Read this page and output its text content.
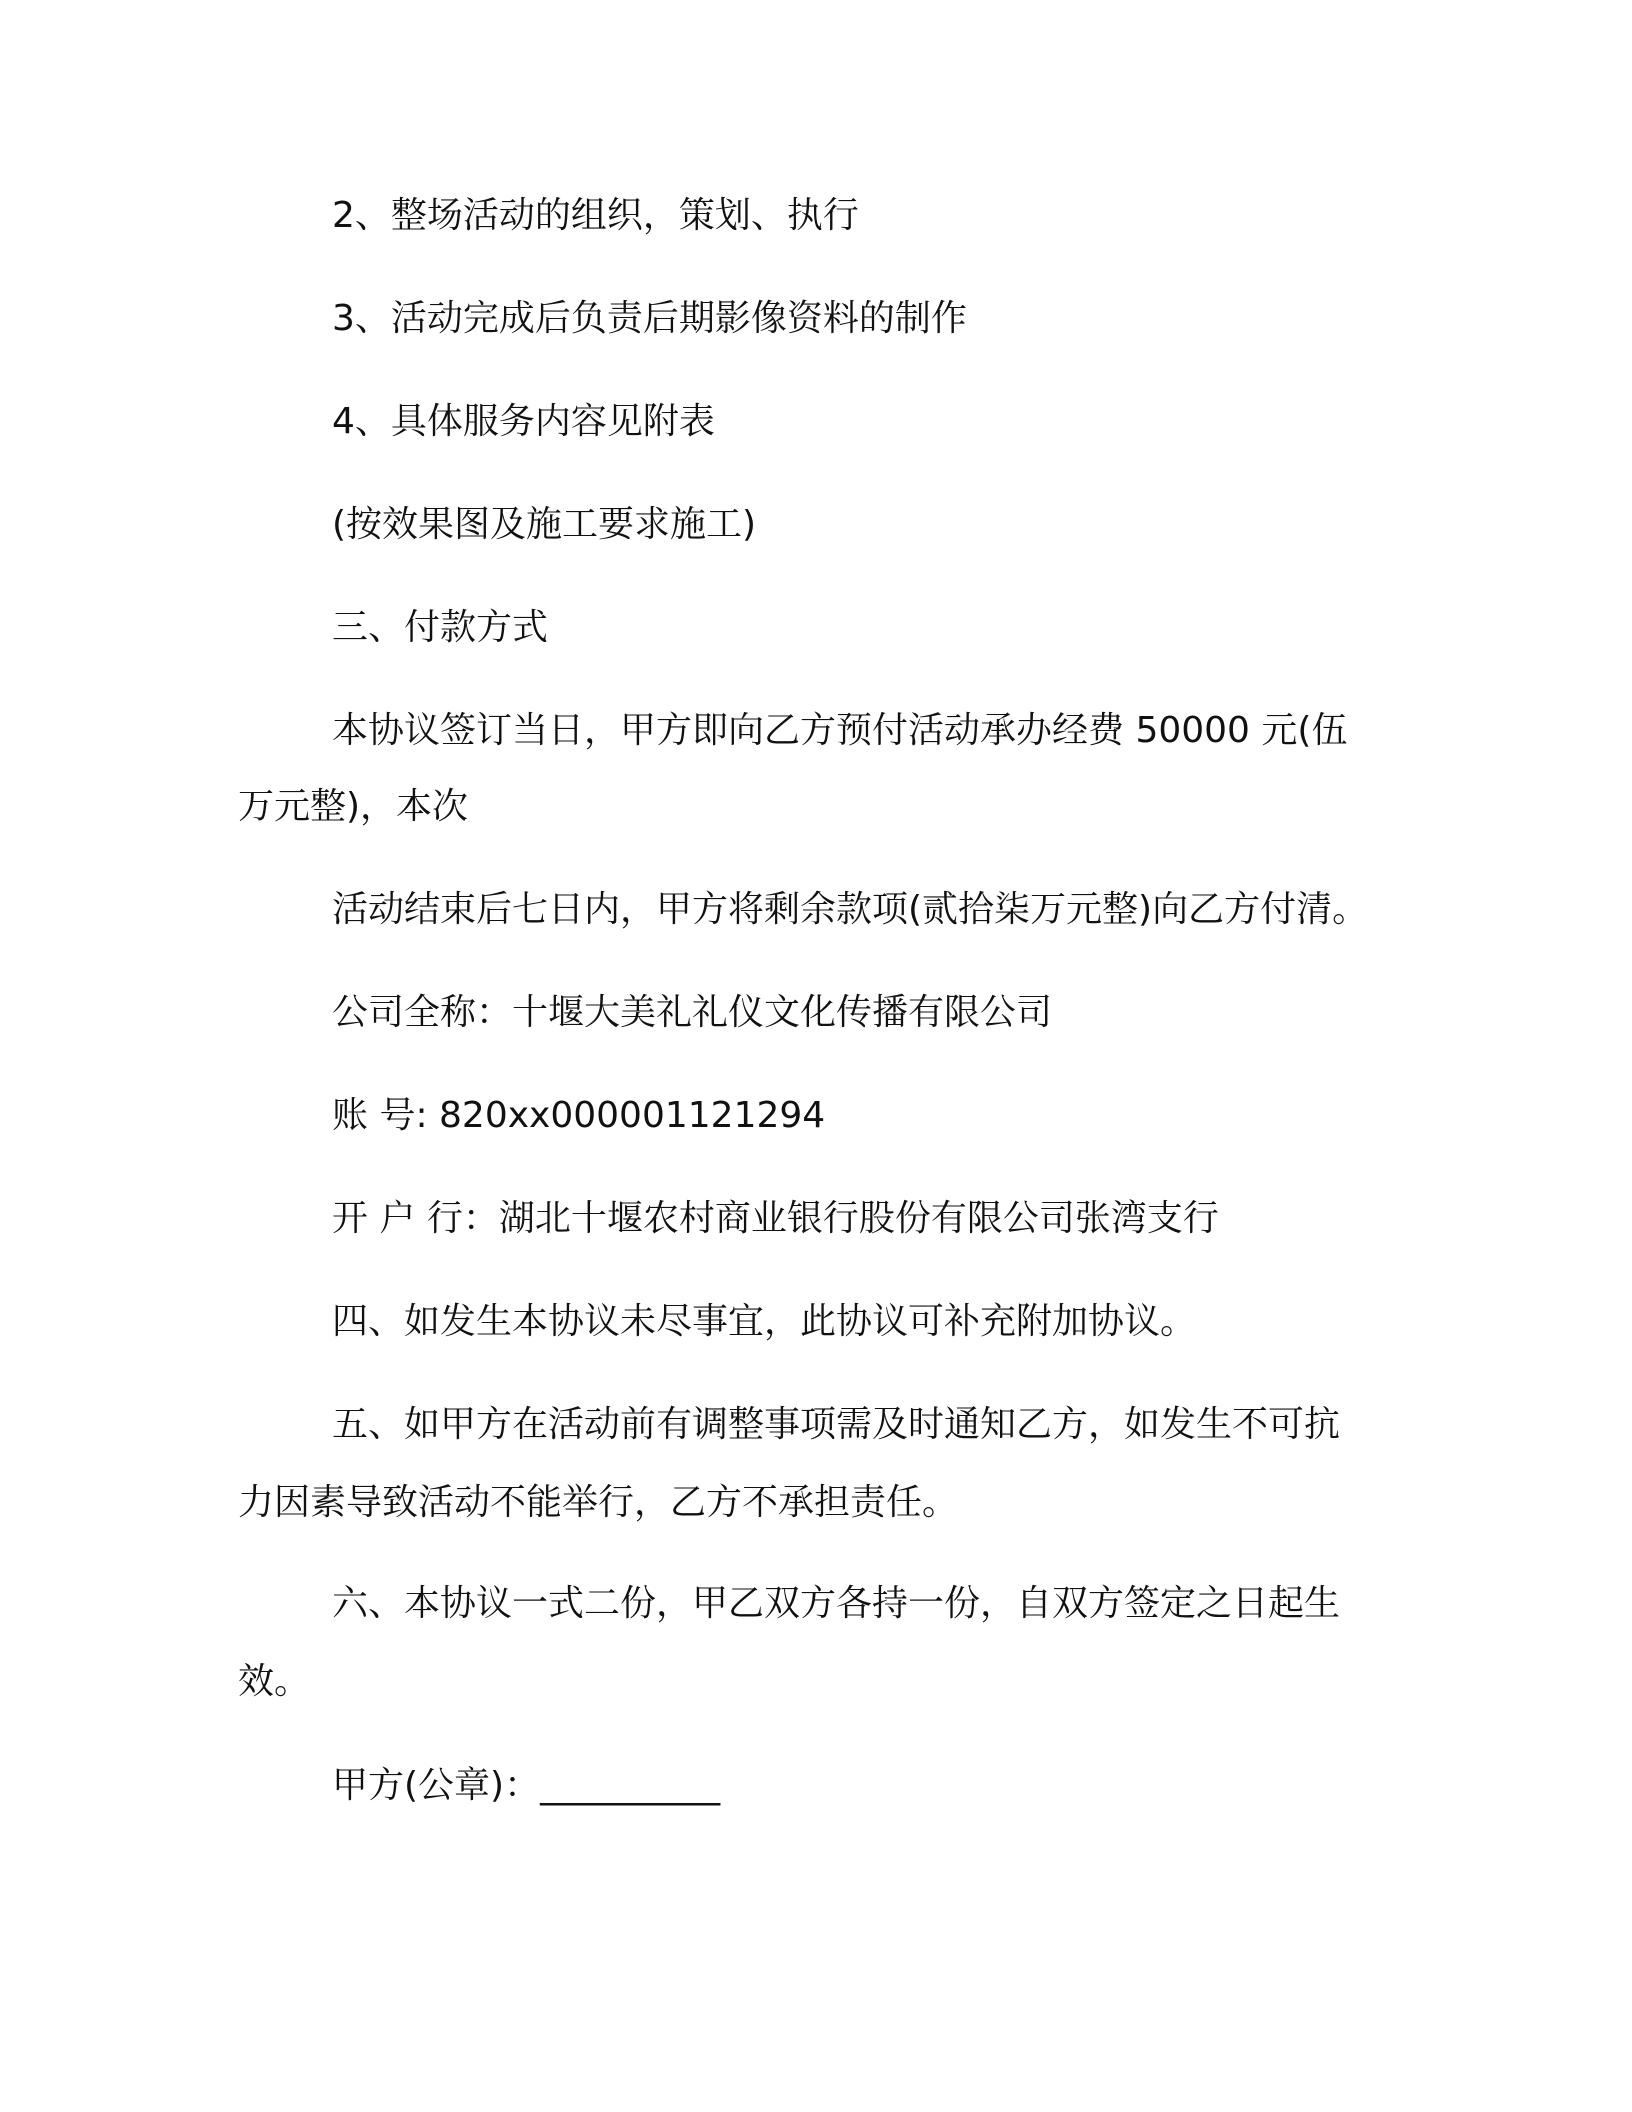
2、整场活动的组织，策划、执行
3、活动完成后负责后期影像资料的制作
4、具体服务内容见附表
(按效果图及施工要求施工)
三、付款方式
本协议签订当日，甲方即向乙方预付活动承办经费 50000 元(伍
万元整)，本次
活动结束后七日内，甲方将剩余款项(贰拾柒万元整)向乙方付清。
公司全称：十堰大美礼礼仪文化传播有限公司
账 号: 820xx000001121294
开 户 行：湖北十堰农村商业银行股份有限公司张湾支行
四、如发生本协议未尽事宜，此协议可补充附加协议。
五、如甲方在活动前有调整事项需及时通知乙方，如发生不可抗
力因素导致活动不能举行，乙方不承担责任。
六、本协议一式二份，甲乙双方各持一份，自双方签定之日起生
效。
甲方(公章)：__________
